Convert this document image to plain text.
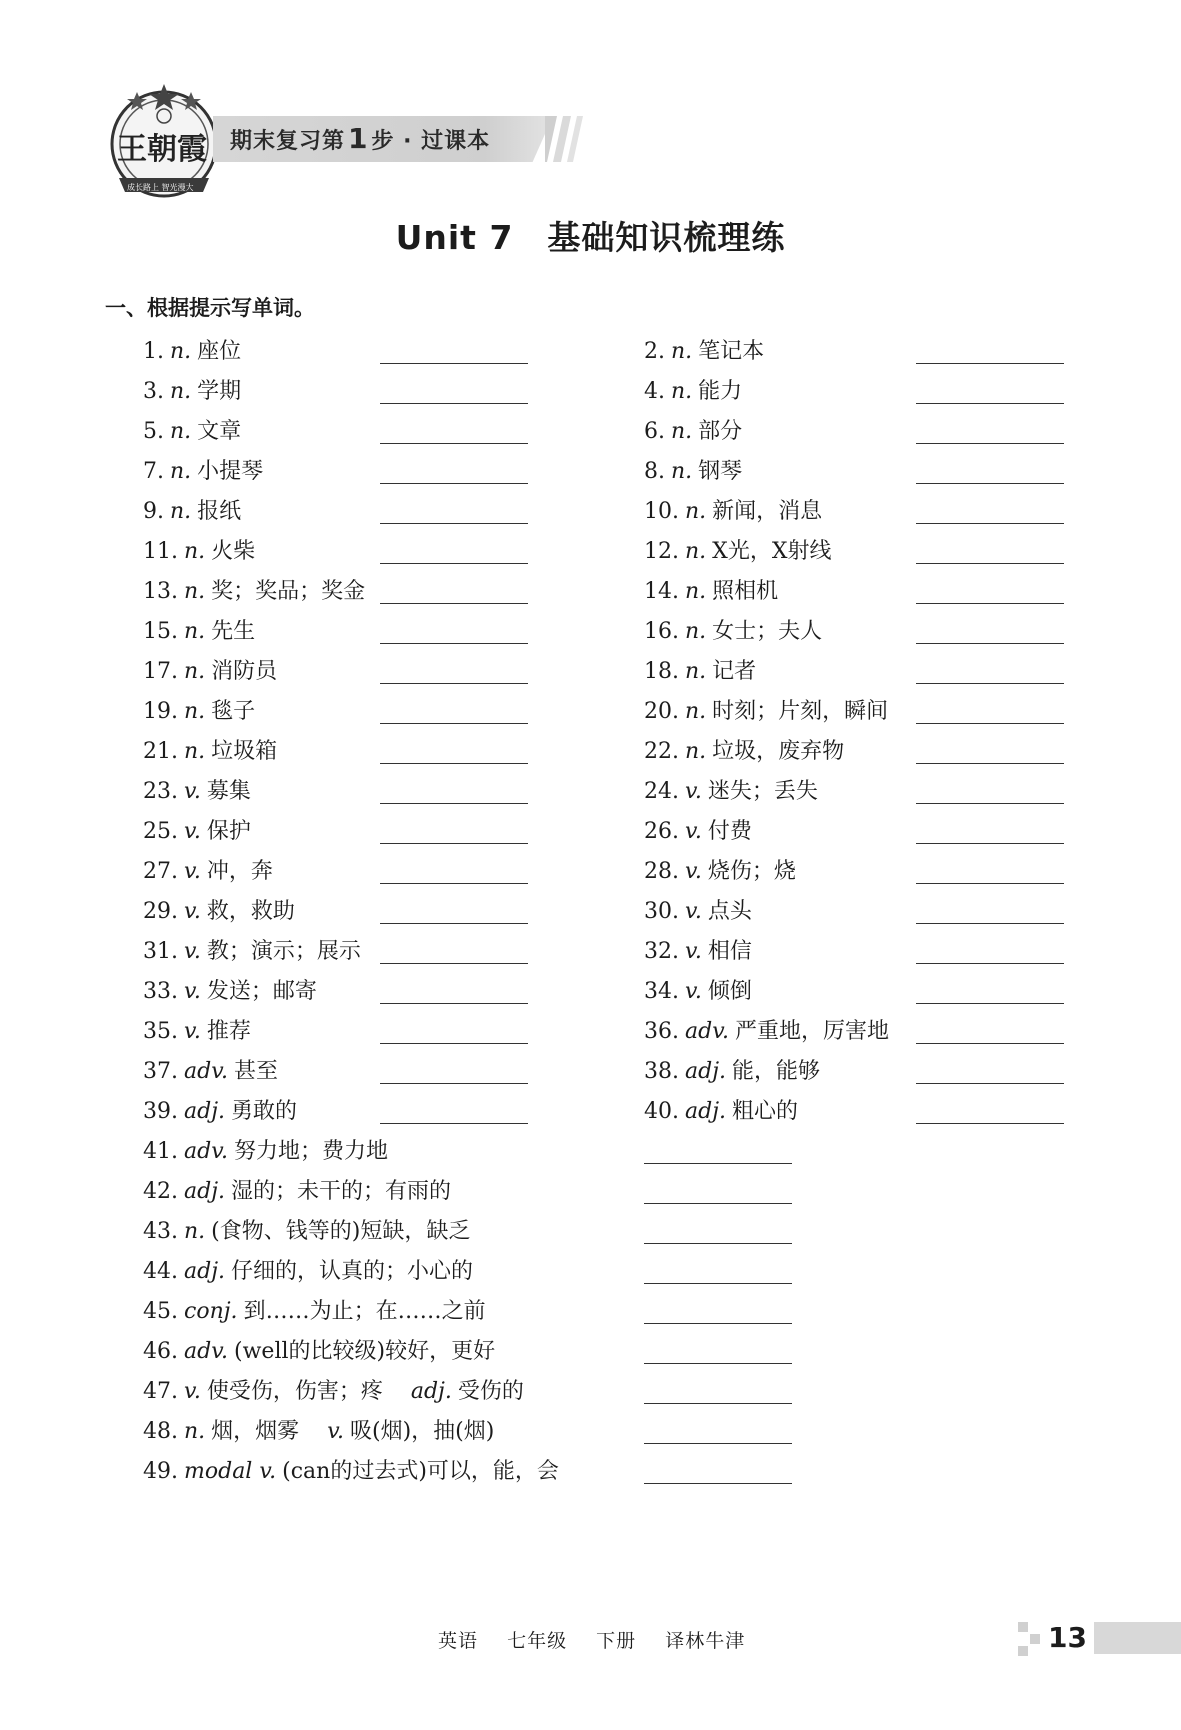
王朝霞
成长路上 智光漫大
期末复习第 1 步 · 过课本
Unit 7 基础知识梳理练
一、根据提示写单词。
1. n. 座位	2. n. 笔记本
3. n. 学期	4. n. 能力
5. n. 文章	6. n. 部分
7. n. 小提琴	8. n. 钢琴
9. n. 报纸	10. n. 新闻，消息
11. n. 火柴	12. n. X光，X射线
13. n. 奖；奖品；奖金	14. n. 照相机
15. n. 先生	16. n. 女士；夫人
17. n. 消防员	18. n. 记者
19. n. 毯子	20. n. 时刻；片刻，瞬间
21. n. 垃圾箱	22. n. 垃圾，废弃物
23. v. 募集	24. v. 迷失；丢失
25. v. 保护	26. v. 付费
27. v. 冲，奔	28. v. 烧伤；烧
29. v. 救，救助	30. v. 点头
31. v. 教；演示；展示	32. v. 相信
33. v. 发送；邮寄	34. v. 倾倒
35. v. 推荐	36. adv. 严重地，厉害地
37. adv. 甚至	38. adj. 能，能够
39. adj. 勇敢的	40. adj. 粗心的
41. adv. 努力地；费力地
42. adj. 湿的；未干的；有雨的
43. n. (食物、钱等的)短缺，缺乏
44. adj. 仔细的，认真的；小心的
45. conj. 到……为止；在……之前
46. adv. (well的比较级)较好，更好
47. v. 使受伤，伤害；疼 adj. 受伤的
48. n. 烟，烟雾 v. 吸(烟)，抽(烟)
49. modal v. (can的过去式)可以，能，会
英语 七年级 下册 译林牛津	13
